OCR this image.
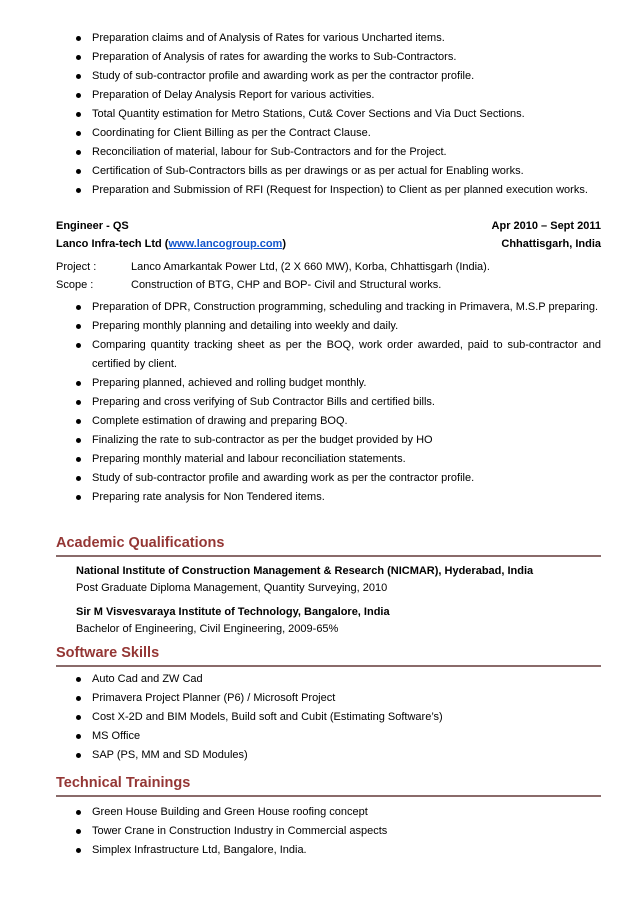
Preparation claims and of Analysis of Rates for various Uncharted items.
Preparation of Analysis of rates for awarding the works to Sub-Contractors.
Study of sub-contractor profile and awarding work as per the contractor profile.
Preparation of Delay Analysis Report for various activities.
Total Quantity estimation for Metro Stations, Cut& Cover Sections and Via Duct Sections.
Coordinating for Client Billing as per the Contract Clause.
Reconciliation of material, labour for Sub-Contractors and for the Project.
Certification of Sub-Contractors bills as per drawings or as per actual for Enabling works.
Preparation and Submission of RFI (Request for Inspection) to Client as per planned execution works.
Engineer - QS	Apr 2010 – Sept 2011
Lanco Infra-tech Ltd (www.lancogroup.com)	Chhattisgarh, India
Project :	Lanco Amarkantak Power Ltd, (2 X 660 MW), Korba, Chhattisgarh (India).
Scope :	Construction of BTG, CHP and BOP- Civil and Structural works.
Preparation of DPR, Construction programming, scheduling and tracking in Primavera, M.S.P preparing.
Preparing monthly planning and detailing into weekly and daily.
Comparing quantity tracking sheet as per the BOQ, work order awarded, paid to sub-contractor and certified by client.
Preparing planned, achieved and rolling budget monthly.
Preparing and cross verifying of Sub Contractor Bills and certified bills.
Complete estimation of drawing and preparing BOQ.
Finalizing the rate to sub-contractor as per the budget provided by HO
Preparing monthly material and labour reconciliation statements.
Study of sub-contractor profile and awarding work as per the contractor profile.
Preparing rate analysis for Non Tendered items.
Academic Qualifications
National Institute of Construction Management & Research (NICMAR), Hyderabad, India
Post Graduate Diploma Management, Quantity Surveying, 2010
Sir M Visvesvaraya Institute of Technology, Bangalore, India
Bachelor of Engineering, Civil Engineering, 2009-65%
Software Skills
Auto Cad and ZW Cad
Primavera Project Planner (P6) / Microsoft Project
Cost X-2D and BIM Models, Build soft and Cubit (Estimating Software’s)
MS Office
SAP (PS, MM and SD Modules)
Technical Trainings
Green House Building and Green House roofing concept
Tower Crane in Construction Industry in Commercial aspects
Simplex Infrastructure Ltd, Bangalore, India.
